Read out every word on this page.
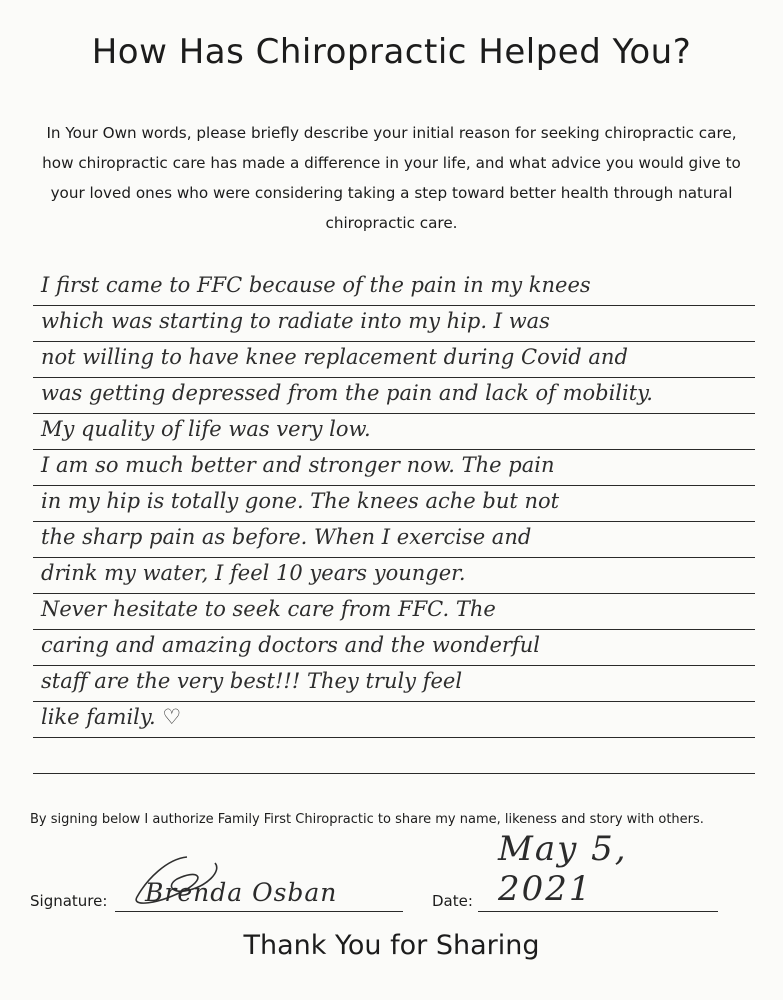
How Has Chiropractic Helped You?
In Your Own words, please briefly describe your initial reason for seeking chiropractic care, how chiropractic care has made a difference in your life, and what advice you would give to your loved ones who were considering taking a step toward better health through natural chiropractic care.
I first came to FFC because of the pain in my knees
which was starting to radiate into my hip. I was
not willing to have knee replacement during Covid and
was getting depressed from the pain and lack of mobility.
My quality of life was very low.
I am so much better and stronger now. The pain
in my hip is totally gone. The knees ache but not
the sharp pain as before. When I exercise and
drink my water, I feel 10 years younger.
Never hesitate to seek care from FFC. The
caring and amazing doctors and the wonderful
staff are the very best!!! They truly feel
like family. ♡
By signing below I authorize Family First Chiropractic to share my name, likeness and story with others.
Signature: Brenda Osban	Date:
May 5, 2021
Thank You for Sharing
